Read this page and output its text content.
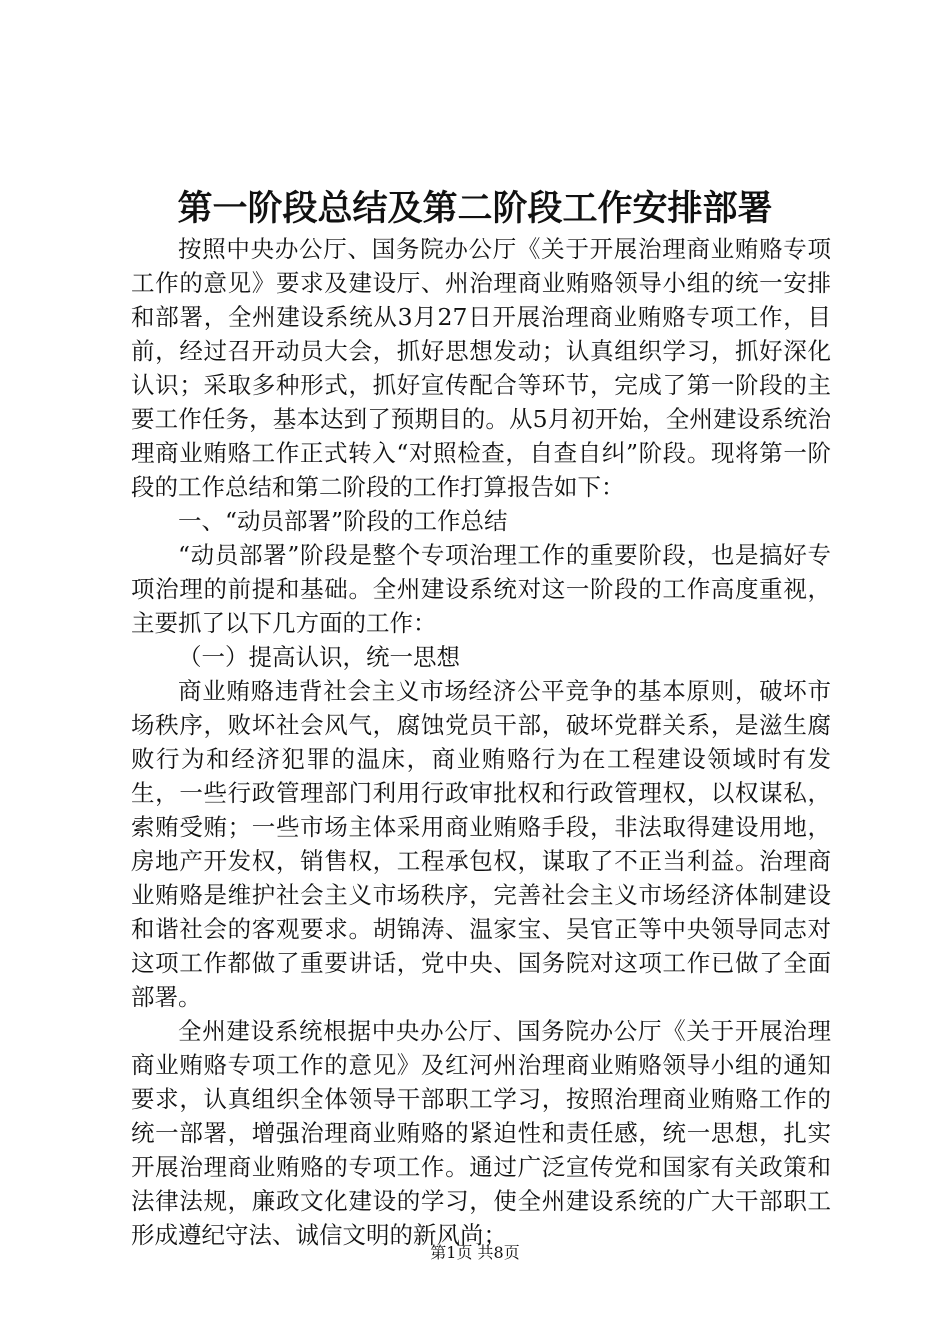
第一阶段总结及第二阶段工作安排部署

按照中央办公厅、国务院办公厅《关于开展治理商业贿赂专项工作的意见》要求及建设厅、州治理商业贿赂领导小组的统一安排和部署，全州建设系统从3月27日开展治理商业贿赂专项工作，目前，经过召开动员大会，抓好思想发动；认真组织学习，抓好深化认识；采取多种形式，抓好宣传配合等环节，完成了第一阶段的主要工作任务，基本达到了预期目的。从5月初开始，全州建设系统治理商业贿赂工作正式转入“对照检查，自查自纠”阶段。现将第一阶段的工作总结和第二阶段的工作打算报告如下：

一、“动员部署”阶段的工作总结

“动员部署”阶段是整个专项治理工作的重要阶段，也是搞好专项治理的前提和基础。全州建设系统对这一阶段的工作高度重视，主要抓了以下几方面的工作：

（一）提高认识，统一思想

商业贿赂违背社会主义市场经济公平竞争的基本原则，破坏市场秩序，败坏社会风气，腐蚀党员干部，破坏党群关系，是滋生腐败行为和经济犯罪的温床，商业贿赂行为在工程建设领域时有发生，一些行政管理部门利用行政审批权和行政管理权，以权谋私，索贿受贿；一些市场主体采用商业贿赂手段，非法取得建设用地，房地产开发权，销售权，工程承包权，谋取了不正当利益。治理商业贿赂是维护社会主义市场秩序，完善社会主义市场经济体制建设和谐社会的客观要求。胡锦涛、温家宝、吴官正等中央领导同志对这项工作都做了重要讲话，党中央、国务院对这项工作已做了全面部署。

全州建设系统根据中央办公厅、国务院办公厅《关于开展治理商业贿赂专项工作的意见》及红河州治理商业贿赂领导小组的通知要求，认真组织全体领导干部职工学习，按照治理商业贿赂工作的统一部署，增强治理商业贿赂的紧迫性和责任感，统一思想，扎实开展治理商业贿赂的专项工作。通过广泛宣传党和国家有关政策和法律法规，廉政文化建设的学习，使全州建设系统的广大干部职工形成遵纪守法、诚信文明的新风尚；

第1页 共8页
